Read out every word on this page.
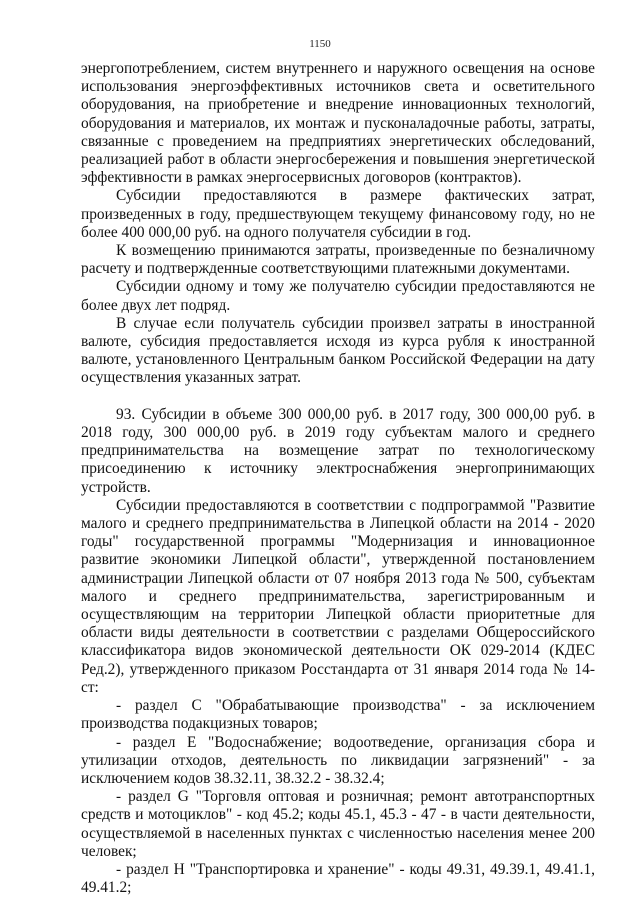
1150

энергопотреблением, систем внутреннего и наружного освещения на основе использования энергоэффективных источников света и осветительного оборудования, на приобретение и внедрение инновационных технологий, оборудования и материалов, их монтаж и пусконаладочные работы, затраты, связанные с проведением на предприятиях энергетических обследований, реализацией работ в области энергосбережения и повышения энергетической эффективности в рамках энергосервисных договоров (контрактов).

Субсидии предоставляются в размере фактических затрат, произведенных в году, предшествующем текущему финансовому году, но не более 400 000,00 руб. на одного получателя субсидии в год.

К возмещению принимаются затраты, произведенные по безналичному расчету и подтвержденные соответствующими платежными документами.

Субсидии одному и тому же получателю субсидии предоставляются не более двух лет подряд.

В случае если получатель субсидии произвел затраты в иностранной валюте, субсидия предоставляется исходя из курса рубля к иностранной валюте, установленного Центральным банком Российской Федерации на дату осуществления указанных затрат.

93. Субсидии в объеме 300 000,00 руб. в 2017 году, 300 000,00 руб. в 2018 году, 300 000,00 руб. в 2019 году субъектам малого и среднего предпринимательства на возмещение затрат по технологическому присоединению к источнику электроснабжения энергопринимающих устройств.

Субсидии предоставляются в соответствии с подпрограммой "Развитие малого и среднего предпринимательства в Липецкой области на 2014 - 2020 годы" государственной программы "Модернизация и инновационное развитие экономики Липецкой области", утвержденной постановлением администрации Липецкой области от 07 ноября 2013 года № 500, субъектам малого и среднего предпринимательства, зарегистрированным и осуществляющим на территории Липецкой области приоритетные для области виды деятельности в соответствии с разделами Общероссийского классификатора видов экономической деятельности ОК 029-2014 (КДЕС Ред.2), утвержденного приказом Росстандарта от 31 января 2014 года № 14-ст:

- раздел C "Обрабатывающие производства" - за исключением производства подакцизных товаров;

- раздел E "Водоснабжение; водоотведение, организация сбора и утилизации отходов, деятельность по ликвидации загрязнений" - за исключением кодов 38.32.11, 38.32.2 - 38.32.4;

- раздел G "Торговля оптовая и розничная; ремонт автотранспортных средств и мотоциклов" - код 45.2; коды 45.1, 45.3 - 47 - в части деятельности, осуществляемой в населенных пунктах с численностью населения менее 200 человек;

- раздел H "Транспортировка и хранение" - коды 49.31, 49.39.1, 49.41.1, 49.41.2;
